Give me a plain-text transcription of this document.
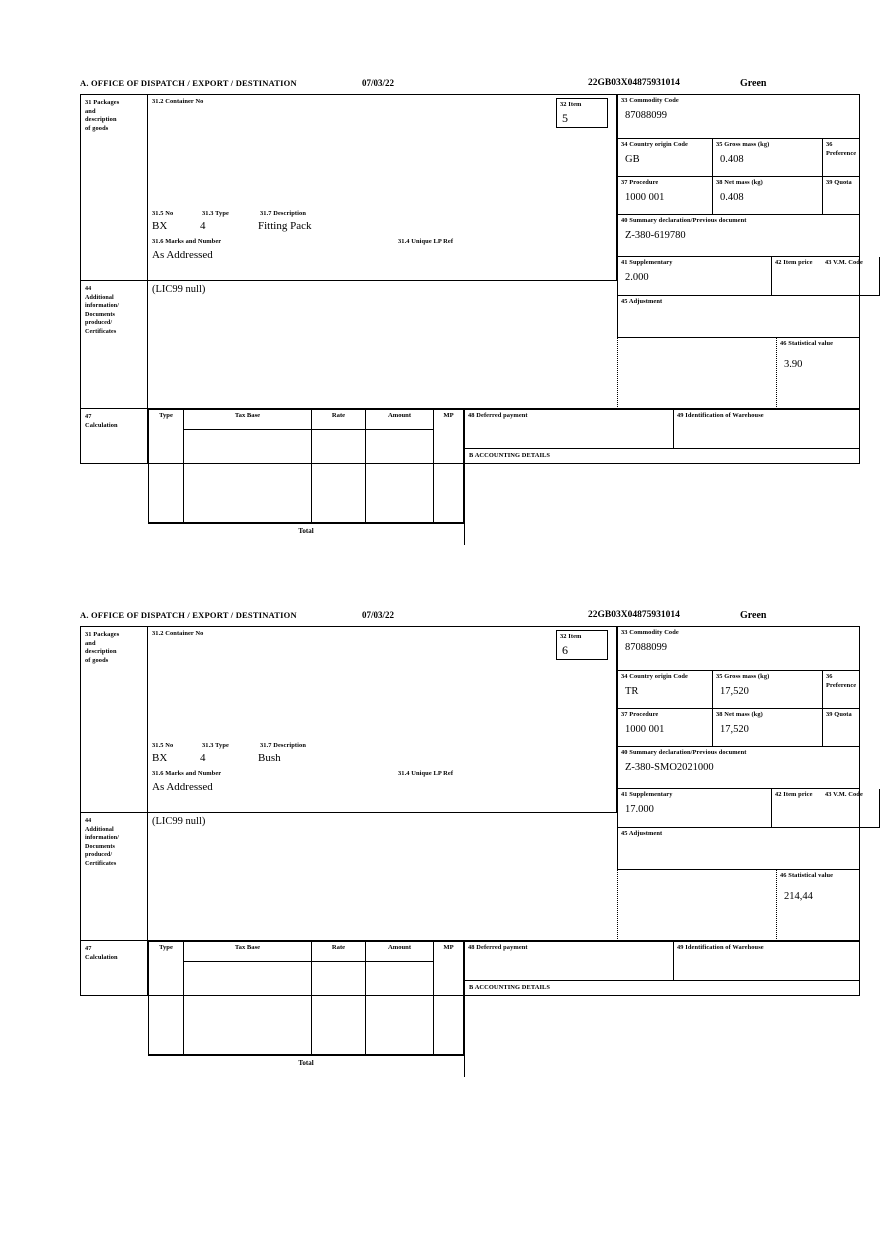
A. OFFICE OF DISPATCH / EXPORT / DESTINATION	07/03/22	22GB03X04875931014	Green
31 Packages
and
description
of goods
31.2 Container No
31.5 No	31.3 Type	31.7 Description
BX	4	Fitting Pack
31.6 Marks and Number	31.4 Unique LP Ref
As Addressed
32 Item
5
33 Commodity Code
87088099
34 Country origin Code
GB
35 Gross mass (kg)
0.408
36 Preference
37 Procedure
1000 001
38 Net mass (kg)
0.408
39 Quota
40 Summary declaration/Previous document
Z-380-619780
41 Supplementary
2.000
42 Item price	43 V.M. Code
44
Additional
information/
Documents
produced/
Certificates
(LIC99 null)
45 Adjustment
46 Statistical value
3.90
47
Calculation
Type	Tax Base	Rate	Amount	MP
Total
48 Deferred payment	49 Identification of Warehouse
B ACCOUNTING DETAILS
A. OFFICE OF DISPATCH / EXPORT / DESTINATION	07/03/22	22GB03X04875931014	Green
31 Packages
and
description
of goods
31.2 Container No
31.5 No	31.3 Type	31.7 Description
BX	4	Bush
31.6 Marks and Number	31.4 Unique LP Ref
As Addressed
32 Item
6
33 Commodity Code
87088099
34 Country origin Code
TR
35 Gross mass (kg)
17,520
36 Preference
37 Procedure
1000 001
38 Net mass (kg)
17,520
39 Quota
40 Summary declaration/Previous document
Z-380-SMO2021000
41 Supplementary
17.000
42 Item price	43 V.M. Code
44
Additional
information/
Documents
produced/
Certificates
(LIC99 null)
45 Adjustment
46 Statistical value
214,44
47
Calculation
Type	Tax Base	Rate	Amount	MP
Total
48 Deferred payment	49 Identification of Warehouse
B ACCOUNTING DETAILS
